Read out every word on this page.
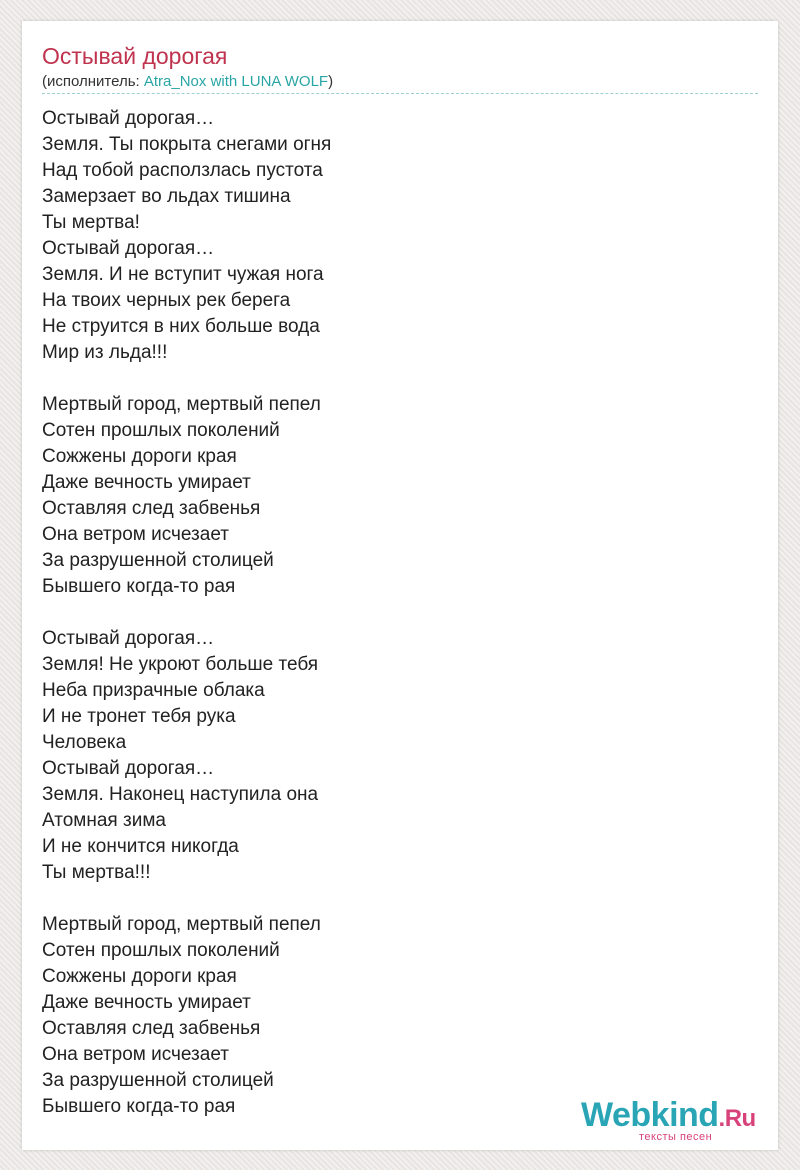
Остывай дорогая
(исполнитель: Atra_Nox with LUNA WOLF)
Остывай дорогая…
Земля. Ты покрыта снегами огня
Над тобой расползлась пустота
Замерзает во льдах тишина
Ты мертва!
Остывай дорогая…
Земля. И не вступит чужая нога
На твоих черных рек берега
Не струится в них больше вода
Мир из льда!!!
Мертвый город, мертвый пепел
Сотен прошлых поколений
Сожжены дороги края
Даже вечность умирает
Оставляя след забвенья
Она ветром исчезает
За разрушенной столицей
Бывшего когда-то рая
Остывай дорогая…
Земля! Не укроют больше тебя
Неба призрачные облака
И не тронет тебя рука
Человека
Остывай дорогая…
Земля. Наконец наступила она
Атомная зима
И не кончится никогда
Ты мертва!!!
Мертвый город, мертвый пепел
Сотен прошлых поколений
Сожжены дороги края
Даже вечность умирает
Оставляя след забвенья
Она ветром исчезает
За разрушенной столицей
Бывшего когда-то рая	Webkind.Ru
тексты песен
